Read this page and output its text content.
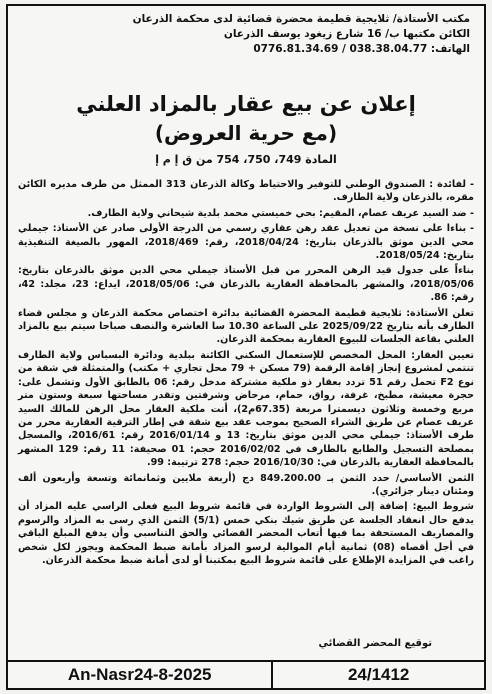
مكتب الأستاذة/ ثلايجية قطيمة محضرة قضائية لدى محكمة الذرعان
الكائن مكتبها ب/ 16 شارع زيغود يوسف الذرعان
الهاتف: 038.38.04.77 / 0776.81.34.69
إعلان عن بيع عقار بالمزاد العلني
(مع حرية العروض)
المادة 749، 750، 754 من ق إ م إ

- لفائدة : الصندوق الوطني للتوفير والاحتياط وكالة الذرعان 313 الممثل من طرف مديره الكائن مقره، بالذرعان ولاية الطارف.

- ضد السيد عريف عصام، المقيم: بحي خميستي محمد بلدية شيحاني ولاية الطارف.

- بناءا على نسخة من تعديل عقد رهن عقاري رسمي من الدرجة الأولى صادر عن الأستاذ: جيملي محي الدين موثق بالذرعان بتاريخ: 2018/04/24، رقم: 2018/469، المهور بالصيغة التنفيذية بتاريخ: 2018/05/24.

بناءاً على جدول قيد الرهن المحرر من قبل الأستاذ جيملي محي الدين موثق بالذرعان بتاريخ: 2018/05/06، والمشهر بالمحافظة العقارية بالذرعان في: 2018/05/06، ايداع: 23، مجلد: 42، رقم: 86.

تعلن الأستاذة: ثلايجية قطيمة المحضرة القضائية بدائرة اختصاص محكمة الذرعان و مجلس قضاء الطارف بأنه بتاريخ 2025/09/22 على الساعة 10.30 سا العاشرة والنصف صباحا سيتم بيع بالمزاد العلني بقاعة الجلسات للبيوع العقارية بمحكمة الذرعان.

تعيين العقار: المحل المخصص للإستعمال السكني الكائنة ببلدية ودائرة البسباس ولاية الطارف تنتمي لمشروع إنجاز إقامة الرقمة (79 مسكن + 79 محل تجاري + مكتب) والمتمثلة في شقة من نوع F2 تحمل رقم 51 تردد بعقار ذو ملكية مشتركة مدخل رقم: 06 بالطابق الأول وتشمل على: حجرة معيشة، مطبخ، غرفة، رواق، حمام، مرحاض وشرفتين وتقدر مساحتها سبعة وستون متر مربع وخمسة وثلاثون ديسمترا مربعة (67.35م2)، أنت ملكية العقار محل الرهن للمالك السيد عريف عصام عن طريق الشراء الصحيح بموجب عقد بيع شقة في إطار الترقية العقارية محرر من طرف الأستاذ: جيملي محي الدين موثق بتاريخ: 13 و 2016/01/14 رقم: 2016/61، والمسجل بمصلحة التسجيل والطابع بالطارف في 2016/02/02 حجم: 01 صحيفة: 11 رقم: 129 المشهر بالمحافظة العقارية بالذرعان في: 2016/10/30 حجم: 278 ترتيبة: 99.

الثمن الأساسي/ حدد الثمن بـ 849.200.00 دج (أربعة ملايين وثمانمائة وتسعة وأربعون ألف ومئتان دينار جزائري).

شروط البيع: إضافة إلى الشروط الواردة في قائمة شروط البيع فعلى الراسي عليه المزاد أن يدفع حال انعقاد الجلسة عن طريق شيك بنكي خمس (5/1) الثمن الذي رسى به المزاد والرسوم والمصاريف المستحقة بما فيها أتعاب المحضر القضائي والحق التناسبي وأن يدفع المبلغ الباقي في أجل أقصاه (08) ثمانية أيام الموالية لرسو المزاد بأمانة ضبط المحكمة ويجوز لكل شخص راغب في المزايدة الإطلاع على قائمة شروط البيع بمكتبنا أو لدى أمانة ضبط محكمة الذرعان.

توقيع المحضر القضائي
An-Nasr24-8-2025	24/1412
